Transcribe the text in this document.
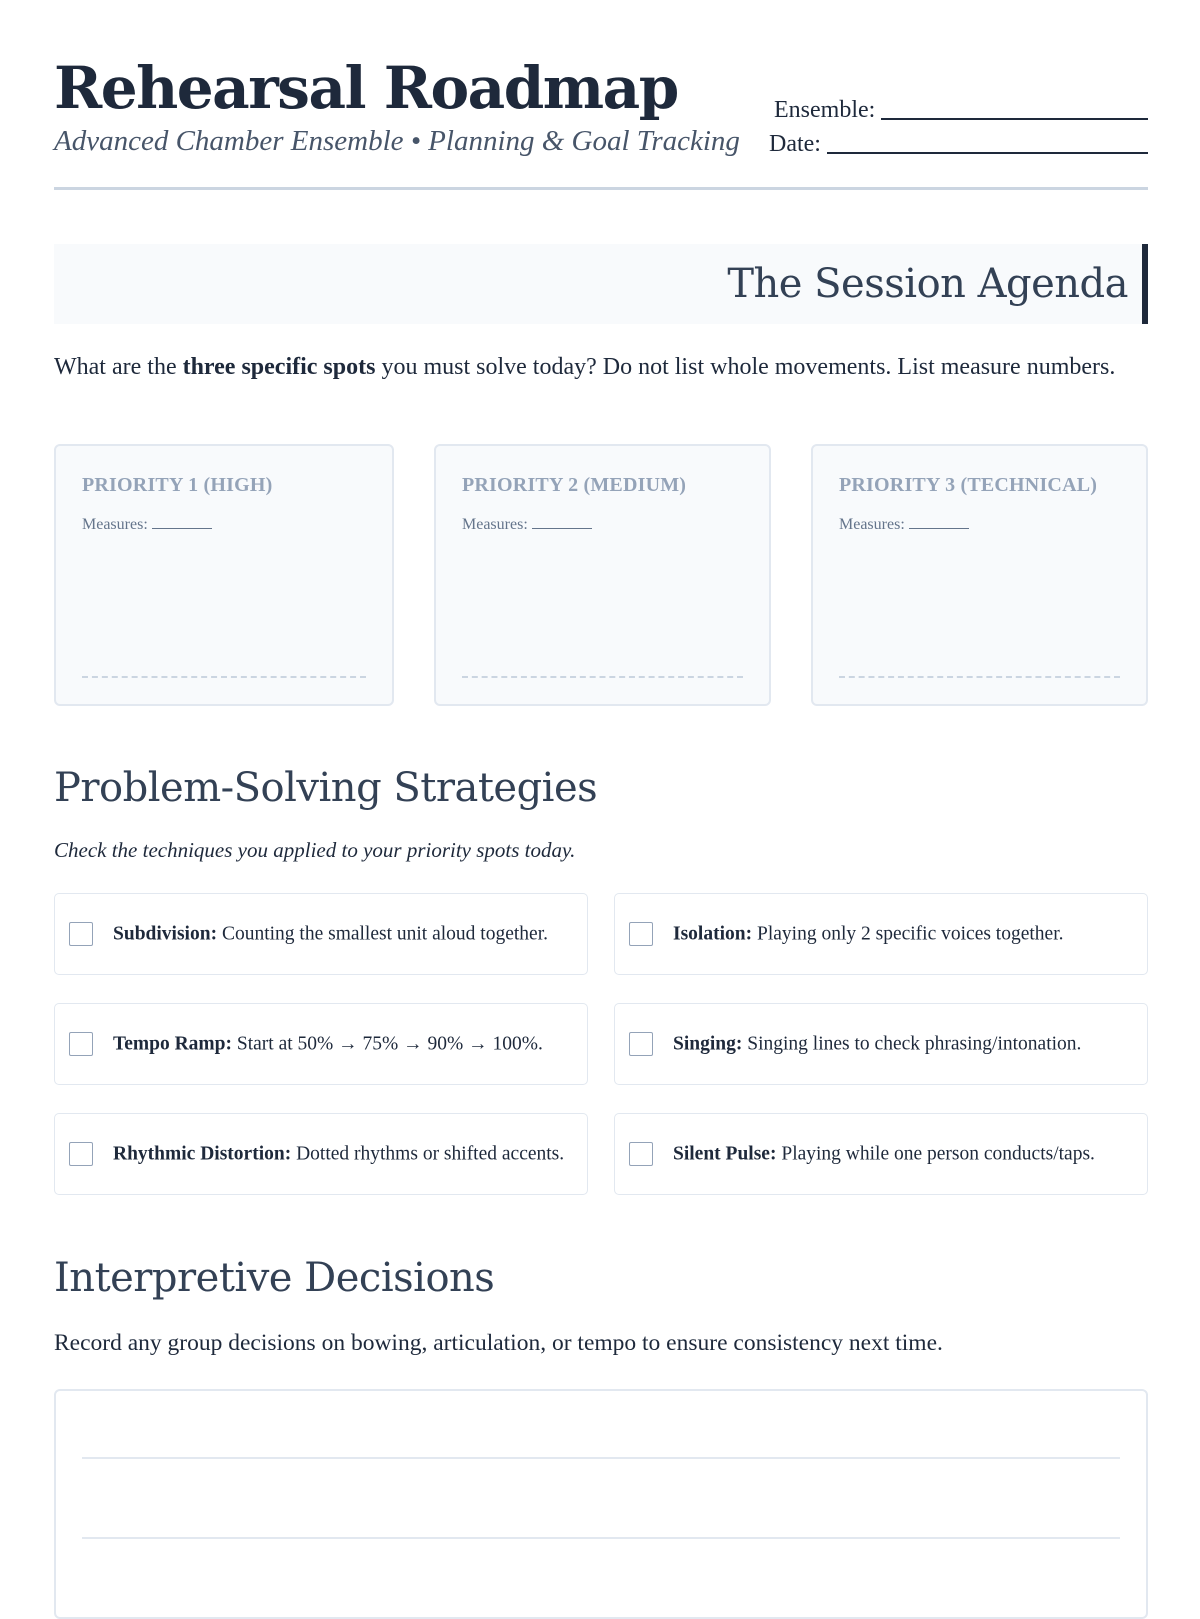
Rehearsal Roadmap
Advanced Chamber Ensemble • Planning & Goal Tracking
Ensemble:
Date:
The Session Agenda

What are the three specific spots you must solve today? Do not list whole movements. List measure numbers.

PRIORITY 1 (HIGH)
Measures:
PRIORITY 2 (MEDIUM)
Measures:
PRIORITY 3 (TECHNICAL)
Measures:
Problem-Solving Strategies
Check the techniques you applied to your priority spots today.
Subdivision: Counting the smallest unit aloud together.	Isolation: Playing only 2 specific voices together.
Tempo Ramp: Start at 50% → 75% → 90% → 100%.	Singing: Singing lines to check phrasing/intonation.
Rhythmic Distortion: Dotted rhythms or shifted accents.	Silent Pulse: Playing while one person conducts/taps.
Interpretive Decisions
Record any group decisions on bowing, articulation, or tempo to ensure consistency next time.
